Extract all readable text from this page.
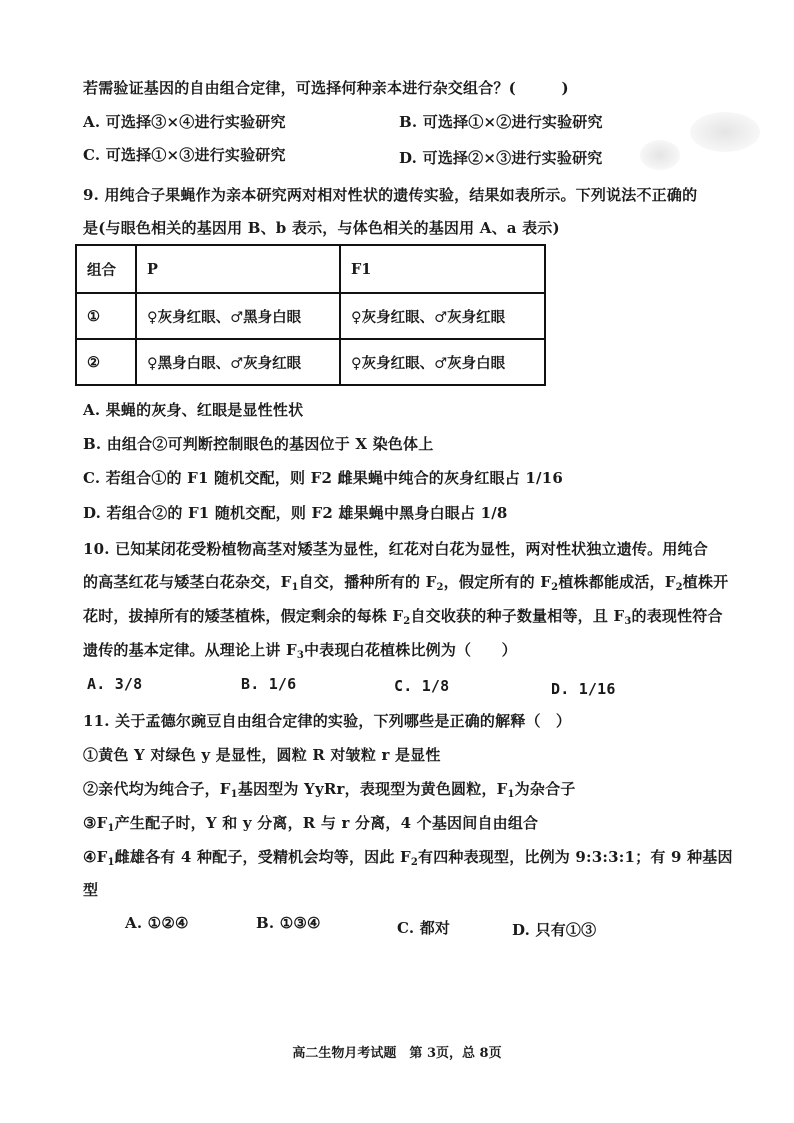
若需验证基因的自由组合定律，可选择何种亲本进行杂交组合？(　　　)
A. 可选择③×④进行实验研究	B. 可选择①×②进行实验研究
C. 可选择①×③进行实验研究	D. 可选择②×③进行实验研究
9. 用纯合子果蝇作为亲本研究两对相对性状的遗传实验，结果如表所示。下列说法不正确的
是(与眼色相关的基因用 B、b 表示，与体色相关的基因用 A、a 表示)
组合	P	F1
①	♀灰身红眼、♂黑身白眼	♀灰身红眼、♂灰身红眼
②	♀黑身白眼、♂灰身红眼	♀灰身红眼、♂灰身白眼
A. 果蝇的灰身、红眼是显性性状
B. 由组合②可判断控制眼色的基因位于 X 染色体上
C. 若组合①的 F1 随机交配，则 F2 雌果蝇中纯合的灰身红眼占 1/16
D. 若组合②的 F1 随机交配，则 F2 雄果蝇中黑身白眼占 1/8
10. 已知某闭花受粉植物高茎对矮茎为显性，红花对白花为显性，两对性状独立遗传。用纯合
的高茎红花与矮茎白花杂交，$F_1$自交，播种所有的 $F_2$，假定所有的 $F_2$植株都能成活，$F_2$植株开
花时，拔掉所有的矮茎植株，假定剩余的每株 $F_2$自交收获的种子数量相等，且 $F_3$的表现性符合
遗传的基本定律。从理论上讲 $F_3$中表现白花植株比例为（　　）
A. 3/8	B. 1/6	C. 1/8	D. 1/16
11. 关于孟德尔豌豆自由组合定律的实验，下列哪些是正确的解释（　）
①黄色 Y 对绿色 y 是显性，圆粒 R 对皱粒 r 是显性
②亲代均为纯合子，$F_1$基因型为 YyRr，表现型为黄色圆粒，$F_1$为杂合子
$③F_1$产生配子时，Y 和 y 分离，R 与 r 分离，4 个基因间自由组合
$④F_1$雌雄各有 4 种配子，受精机会均等，因此 $F_2$有四种表现型，比例为 9:3:3:1；有 9 种基因
型
A. ①②④	B. ①③④	C. 都对	D. 只有①③
高二生物月考试题　第 3页，总 8页
